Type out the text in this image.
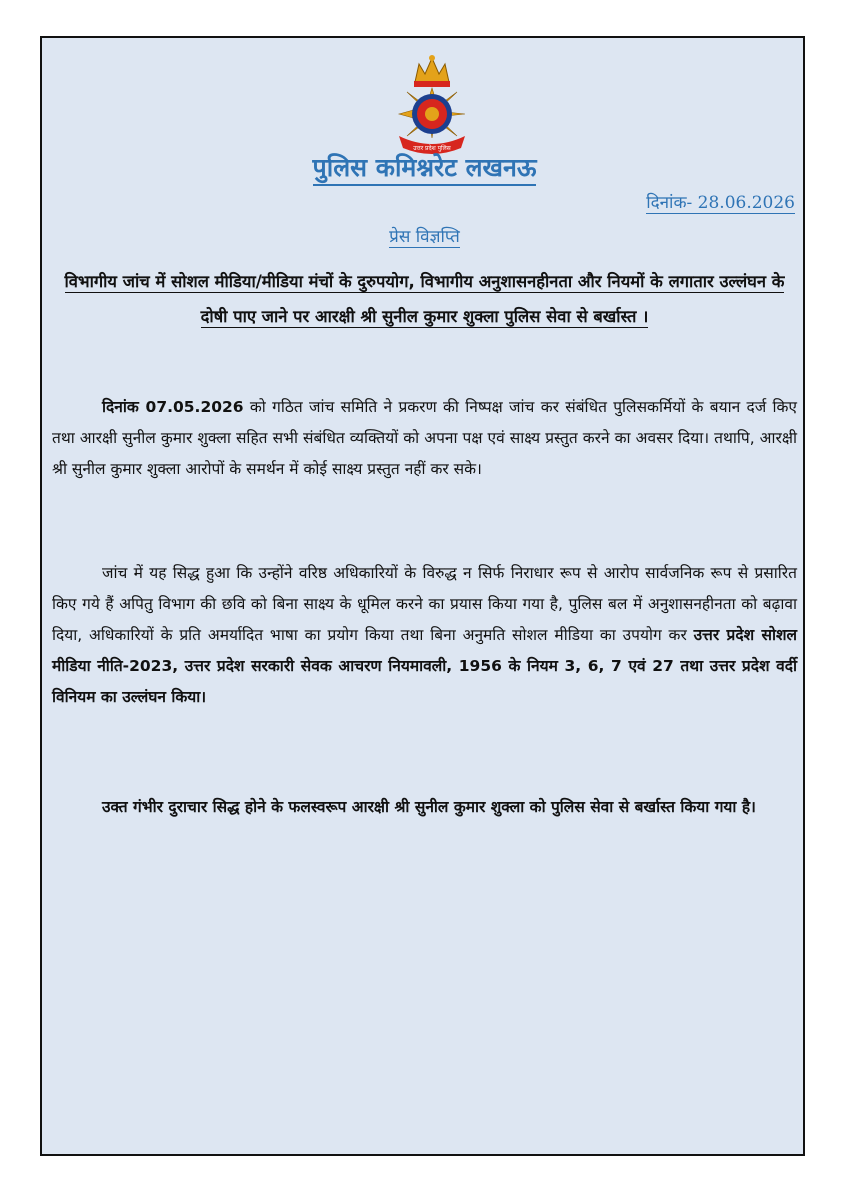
उत्तर प्रदेश पुलिस
पुलिस कमिश्नरेट लखनऊ
दिनांक- 28.06.2026
प्रेस विज्ञप्ति
विभागीय जांच में सोशल मीडिया/मीडिया मंचों के दुरुपयोग, विभागीय अनुशासनहीनता और नियमों के लगातार उल्लंघन के दोषी पाए जाने पर आरक्षी श्री सुनील कुमार शुक्ला पुलिस सेवा से बर्खास्त ।

दिनांक 07.05.2026 को गठित जांच समिति ने प्रकरण की निष्पक्ष जांच कर संबंधित पुलिसकर्मियों के बयान दर्ज किए तथा आरक्षी सुनील कुमार शुक्ला सहित सभी संबंधित व्यक्तियों को अपना पक्ष एवं साक्ष्य प्रस्तुत करने का अवसर दिया। तथापि, आरक्षी श्री सुनील कुमार शुक्ला आरोपों के समर्थन में कोई साक्ष्य प्रस्तुत नहीं कर सके।

जांच में यह सिद्ध हुआ कि उन्होंने वरिष्ठ अधिकारियों के विरुद्ध न सिर्फ निराधार रूप से आरोप सार्वजनिक रूप से प्रसारित किए गये हैं अपितु विभाग की छवि को बिना साक्ष्य के धूमिल करने का प्रयास किया गया है, पुलिस बल में अनुशासनहीनता को बढ़ावा दिया, अधिकारियों के प्रति अमर्यादित भाषा का प्रयोग किया तथा बिना अनुमति सोशल मीडिया का उपयोग कर उत्तर प्रदेश सोशल मीडिया नीति-2023, उत्तर प्रदेश सरकारी सेवक आचरण नियमावली, 1956 के नियम 3, 6, 7 एवं 27 तथा उत्तर प्रदेश वर्दी विनियम का उल्लंघन किया।

उक्त गंभीर दुराचार सिद्ध होने के फलस्वरूप आरक्षी श्री सुनील कुमार शुक्ला को पुलिस सेवा से बर्खास्त किया गया है।
